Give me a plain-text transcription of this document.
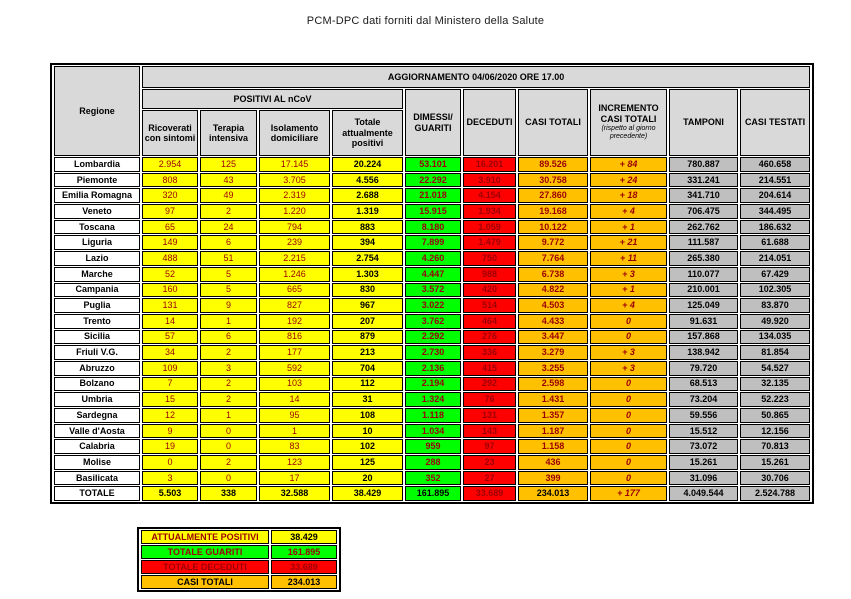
PCM-DPC dati forniti dal Ministero della Salute
Regione	AGGIORNAMENTO 04/06/2020 ORE 17.00									
	POSITIVI AL nCoV				DIMESSI/ GUARITI	DECEDUTI	CASI TOTALI	INCREMENTO CASI TOTALI
(rispetto al giorno precedente)	TAMPONI	CASI TESTATI
	Ricoverati con sintomi	Terapia intensiva	Isolamento domiciliare	Totale attualmente positivi						
Lombardia	2.954	125	17.145	20.224	53.101	16.201	89.526	+ 84	780.887	460.658
Piemonte	808	43	3.705	4.556	22.292	3.910	30.758	+ 24	331.241	214.551
Emilia Romagna	320	49	2.319	2.688	21.018	4.154	27.860	+ 18	341.710	204.614
Veneto	97	2	1.220	1.319	15.915	1.934	19.168	+ 4	706.475	344.495
Toscana	65	24	794	883	8.180	1.059	10.122	+ 1	262.762	186.632
Liguria	149	6	239	394	7.899	1.479	9.772	+ 21	111.587	61.688
Lazio	488	51	2.215	2.754	4.260	750	7.764	+ 11	265.380	214.051
Marche	52	5	1.246	1.303	4.447	988	6.738	+ 3	110.077	67.429
Campania	160	5	665	830	3.572	420	4.822	+ 1	210.001	102.305
Puglia	131	9	827	967	3.022	514	4.503	+ 4	125.049	83.870
Trento	14	1	192	207	3.762	464	4.433	0	91.631	49.920
Sicilia	57	6	816	879	2.292	276	3.447	0	157.868	134.035
Friuli V.G.	34	2	177	213	2.730	336	3.279	+ 3	138.942	81.854
Abruzzo	109	3	592	704	2.136	415	3.255	+ 3	79.720	54.527
Bolzano	7	2	103	112	2.194	292	2.598	0	68.513	32.135
Umbria	15	2	14	31	1.324	76	1.431	0	73.204	52.223
Sardegna	12	1	95	108	1.118	131	1.357	0	59.556	50.865
Valle d'Aosta	9	0	1	10	1.034	143	1.187	0	15.512	12.156
Calabria	19	0	83	102	959	97	1.158	0	73.072	70.813
Molise	0	2	123	125	288	23	436	0	15.261	15.261
Basilicata	3	0	17	20	352	27	399	0	31.096	30.706
TOTALE	5.503	338	32.588	38.429	161.895	33.689	234.013	+ 177	4.049.544	2.524.788
ATTUALMENTE POSITIVI	38.429
TOTALE GUARITI	161.895
TOTALE DECEDUTI	33.689
CASI TOTALI	234.013
